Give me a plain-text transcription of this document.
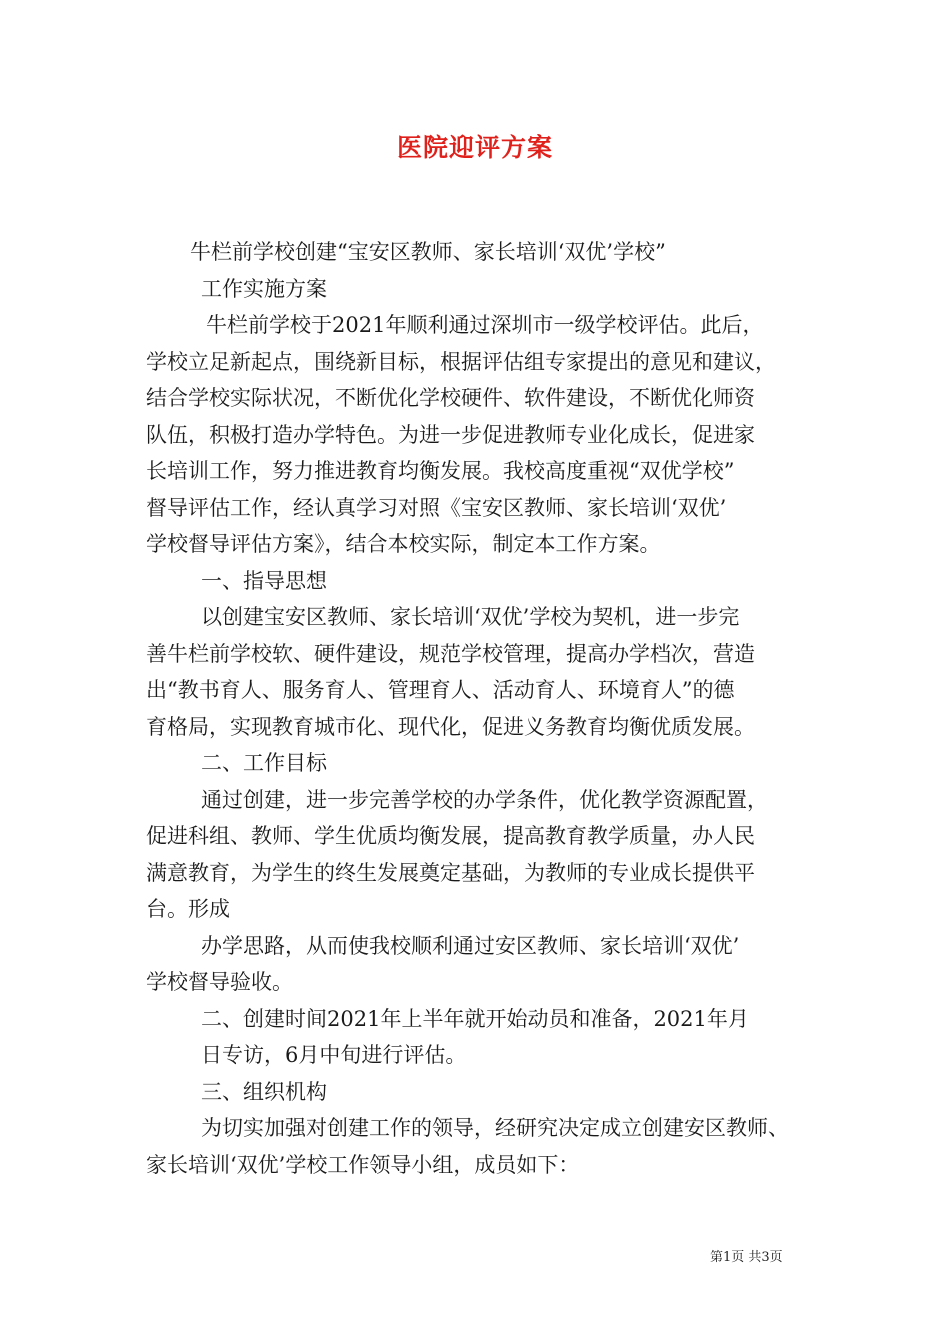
医院迎评方案
牛栏前学校创建“宝安区教师、家长培训‘双优’学校”
工作实施方案
牛栏前学校于2021年顺利通过深圳市一级学校评估。此后，
学校立足新起点，围绕新目标，根据评估组专家提出的意见和建议，
结合学校实际状况，不断优化学校硬件、软件建设，不断优化师资
队伍，积极打造办学特色。为进一步促进教师专业化成长，促进家
长培训工作，努力推进教育均衡发展。我校高度重视“双优学校”
督导评估工作，经认真学习对照《宝安区教师、家长培训‘双优’
学校督导评估方案》，结合本校实际，制定本工作方案。
一、指导思想
以创建宝安区教师、家长培训‘双优’学校为契机，进一步完
善牛栏前学校软、硬件建设，规范学校管理，提高办学档次，营造
出“教书育人、服务育人、管理育人、活动育人、环境育人”的德
育格局，实现教育城市化、现代化，促进义务教育均衡优质发展。
二、工作目标
通过创建，进一步完善学校的办学条件，优化教学资源配置，
促进科组、教师、学生优质均衡发展，提高教育教学质量，办人民
满意教育，为学生的终生发展奠定基础，为教师的专业成长提供平
台。形成
办学思路，从而使我校顺利通过安区教师、家长培训‘双优’
学校督导验收。
二、创建时间2021年上半年就开始动员和准备，2021年月
日专访，6月中旬进行评估。
三、组织机构
为切实加强对创建工作的领导，经研究决定成立创建安区教师、
家长培训‘双优’学校工作领导小组，成员如下：
第1页 共3页
